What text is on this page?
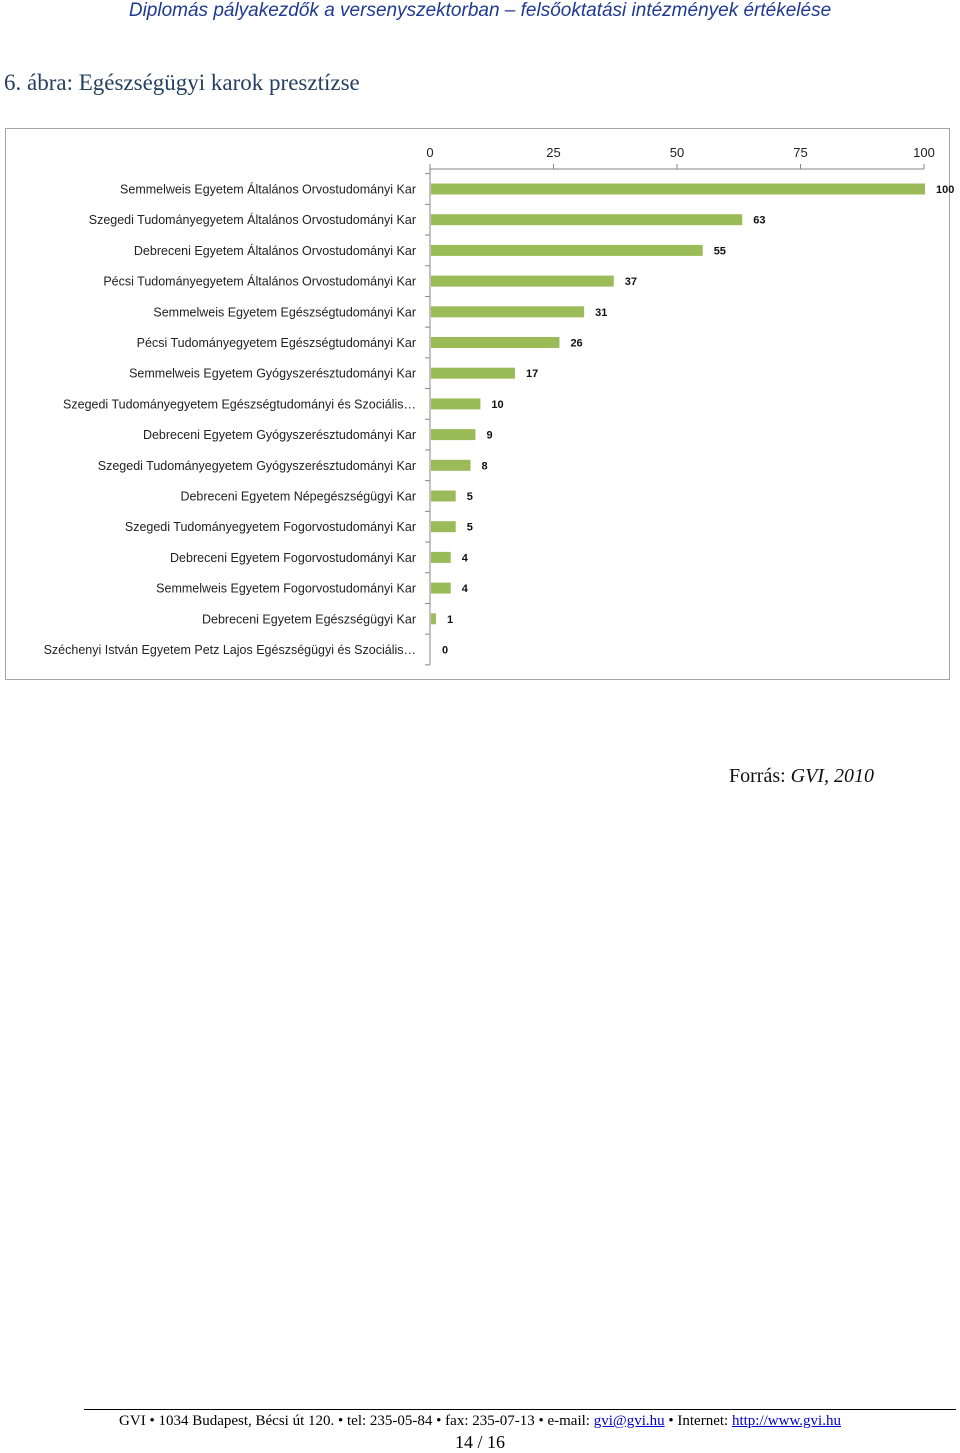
Diplomás pályakezdők a versenyszektorban – felsőoktatási intézmények értékelése
6. ábra: Egészségügyi karok presztízse
0	25	50	75	100
Semmelweis Egyetem Általános Orvostudományi Kar	100
Szegedi Tudományegyetem Általános Orvostudományi Kar	63
Debreceni Egyetem Általános Orvostudományi Kar	55
Pécsi Tudományegyetem Általános Orvostudományi Kar	37
Semmelweis Egyetem Egészségtudományi Kar	31
Pécsi Tudományegyetem Egészségtudományi Kar	26
Semmelweis Egyetem Gyógyszerésztudományi Kar	17
Szegedi Tudományegyetem Egészségtudományi és Szociális…	10
Debreceni Egyetem Gyógyszerésztudományi Kar	9
Szegedi Tudományegyetem Gyógyszerésztudományi Kar	8
Debreceni Egyetem Népegészségügyi Kar	5
Szegedi Tudományegyetem Fogorvostudományi Kar	5
Debreceni Egyetem Fogorvostudományi Kar	4
Semmelweis Egyetem Fogorvostudományi Kar	4
Debreceni Egyetem Egészségügyi Kar	1
Széchenyi István Egyetem Petz Lajos Egészségügyi és Szociális… 0
Forrás: GVI, 2010
GVI • 1034 Budapest, Bécsi út 120. • tel: 235-05-84 • fax: 235-07-13 • e-mail: gvi@gvi.hu • Internet: http://www.gvi.hu
14 / 16
